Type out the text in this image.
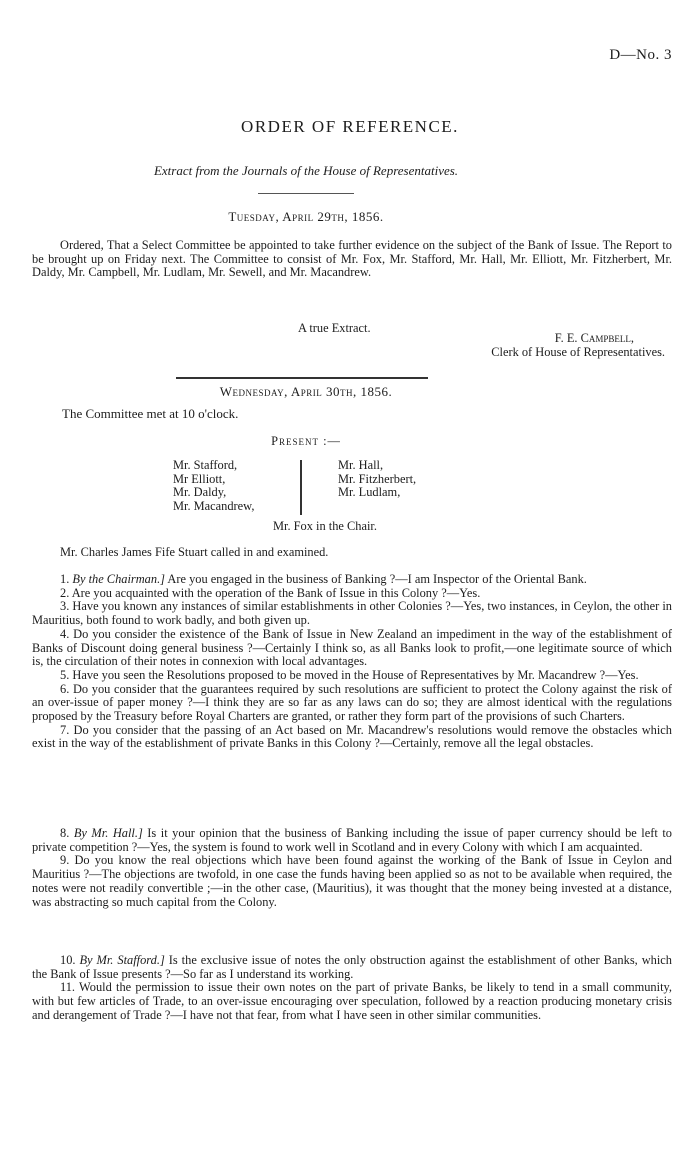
D—No. 3
ORDER OF REFERENCE.
Extract from the Journals of the House of Representatives.
Tuesday, April 29th, 1856.
Ordered, That a Select Committee be appointed to take further evidence on the subject of the Bank of Issue. The Report to be brought up on Friday next. The Committee to consist of Mr. Fox, Mr. Stafford, Mr. Hall, Mr. Elliott, Mr. Fitzherbert, Mr. Daldy, Mr. Campbell, Mr. Ludlam, Mr. Sewell, and Mr. Macandrew.
A true Extract.
F. E. Campbell,
Clerk of House of Representatives.
Wednesday, April 30th, 1856.
The Committee met at 10 o'clock.
Present :—
Mr. Stafford,
Mr Elliott,
Mr. Daldy,
Mr. Macandrew,
Mr. Hall,
Mr. Fitzherbert,
Mr. Ludlam,
Mr. Fox in the Chair.
Mr. Charles James Fife Stuart called in and examined.

1. By the Chairman.] Are you engaged in the business of Banking ?—I am Inspector of the Oriental Bank.

2. Are you acquainted with the operation of the Bank of Issue in this Colony ?—Yes.

3. Have you known any instances of similar establishments in other Colonies ?—Yes, two instances, in Ceylon, the other in Mauritius, both found to work badly, and both given up.

4. Do you consider the existence of the Bank of Issue in New Zealand an impediment in the way of the establishment of Banks of Discount doing general business ?—Certainly I think so, as all Banks look to profit,—one legitimate source of which is, the circulation of their notes in connexion with local advantages.

5. Have you seen the Resolutions proposed to be moved in the House of Representatives by Mr. Macandrew ?—Yes.

6. Do you consider that the guarantees required by such resolutions are sufficient to protect the Colony against the risk of an over-issue of paper money ?—I think they are so far as any laws can do so; they are almost identical with the regulations proposed by the Treasury before Royal Charters are granted, or rather they form part of the provisions of such Charters.

7. Do you consider that the passing of an Act based on Mr. Macandrew's resolutions would remove the obstacles which exist in the way of the establishment of private Banks in this Colony ?—Certainly, remove all the legal obstacles.

8. By Mr. Hall.] Is it your opinion that the business of Banking including the issue of paper currency should be left to private competition ?—Yes, the system is found to work well in Scotland and in every Colony with which I am acquainted.

9. Do you know the real objections which have been found against the working of the Bank of Issue in Ceylon and Mauritius ?—The objections are twofold, in one case the funds having been applied so as not to be available when required, the notes were not readily convertible ;—in the other case, (Mauritius), it was thought that the money being invested at a distance, was abstracting so much capital from the Colony.

10. By Mr. Stafford.] Is the exclusive issue of notes the only obstruction against the establishment of other Banks, which the Bank of Issue presents ?—So far as I understand its working.

11. Would the permission to issue their own notes on the part of private Banks, be likely to tend in a small community, with but few articles of Trade, to an over-issue encouraging over speculation, followed by a reaction producing monetary crisis and derangement of Trade ?—I have not that fear, from what I have seen in other similar communities.
